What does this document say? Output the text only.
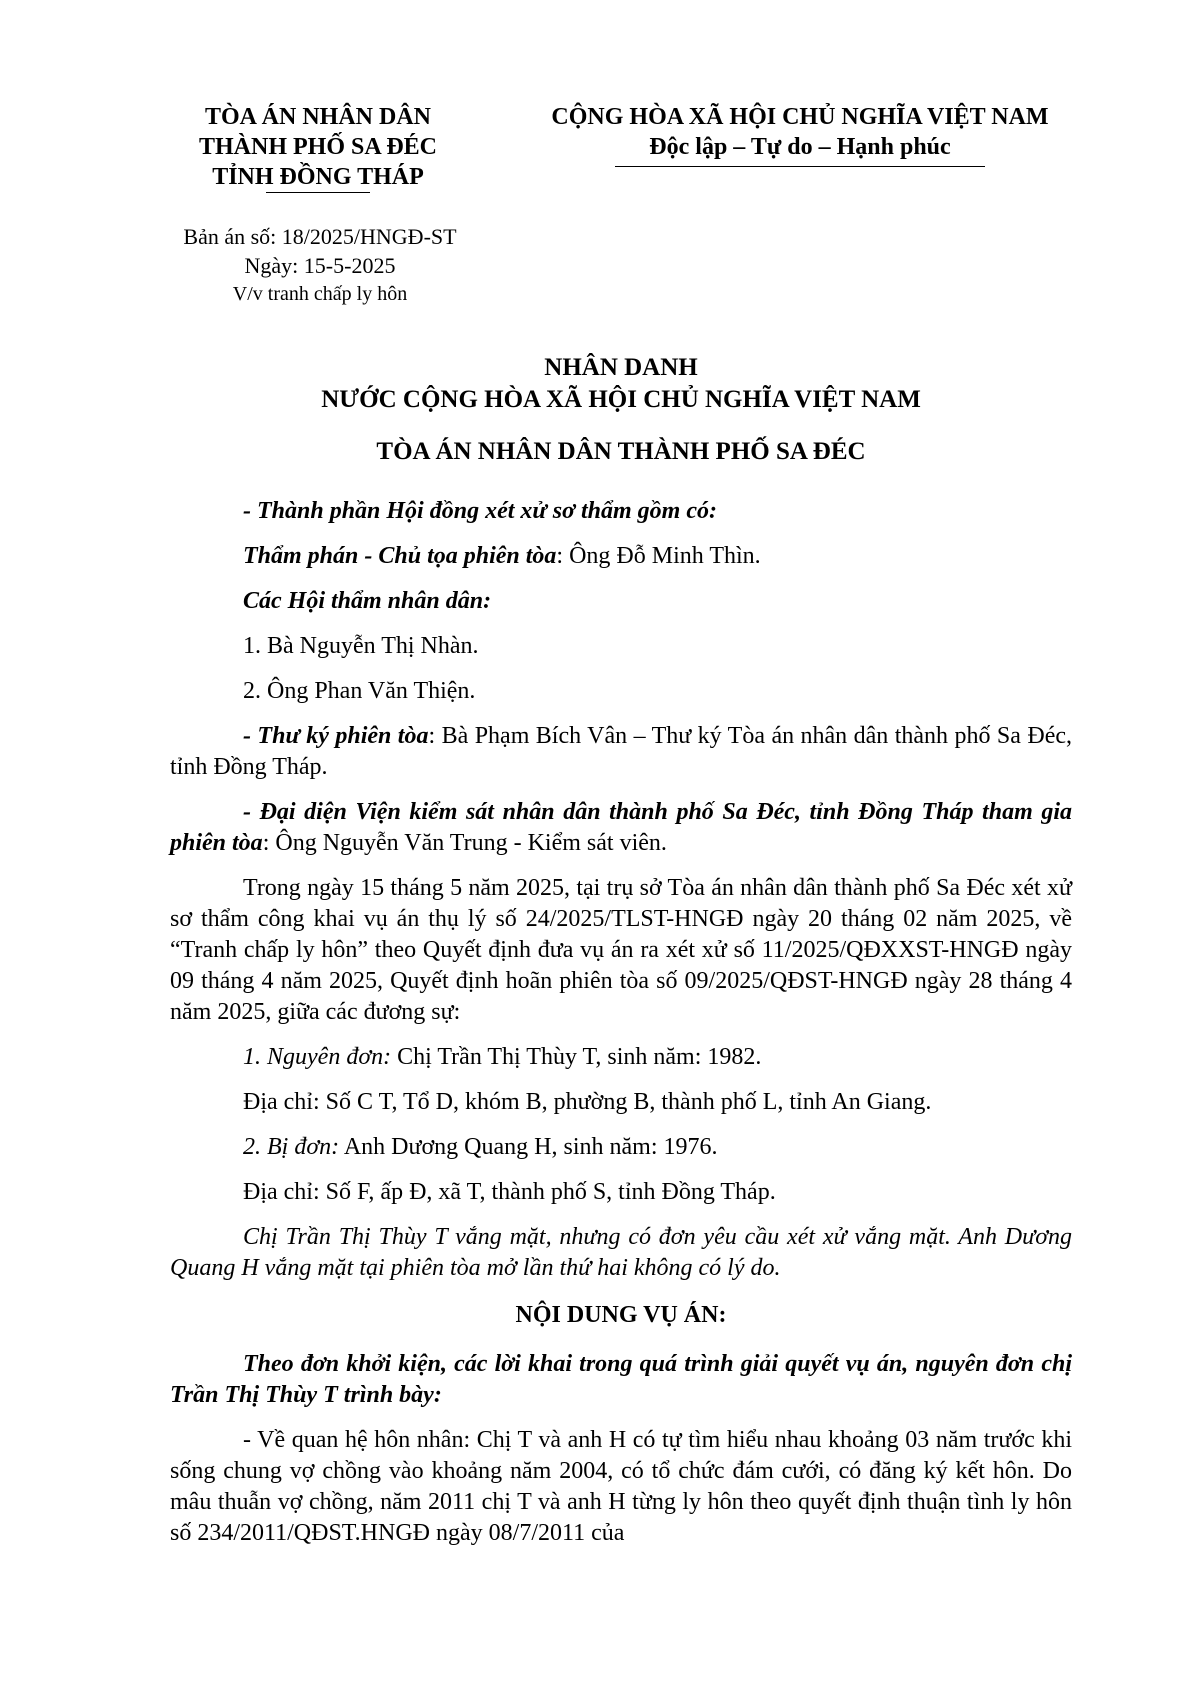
TÒA ÁN NHÂN DÂN
THÀNH PHỐ SA ĐÉC
TỈNH ĐỒNG THÁP
CỘNG HÒA XÃ HỘI CHỦ NGHĨA VIỆT NAM
Độc lập – Tự do – Hạnh phúc
Bản án số: 18/2025/HNGĐ-ST
Ngày: 15-5-2025
V/v tranh chấp ly hôn
NHÂN DANH
NƯỚC CỘNG HÒA XÃ HỘI CHỦ NGHĨA VIỆT NAM
TÒA ÁN NHÂN DÂN THÀNH PHỐ SA ĐÉC

- Thành phần Hội đồng xét xử sơ thẩm gồm có:

Thẩm phán - Chủ tọa phiên tòa: Ông Đỗ Minh Thìn.

Các Hội thẩm nhân dân:

1. Bà Nguyễn Thị Nhàn.

2. Ông Phan Văn Thiện.

- Thư ký phiên tòa: Bà Phạm Bích Vân – Thư ký Tòa án nhân dân thành phố Sa Đéc, tỉnh Đồng Tháp.

- Đại diện Viện kiểm sát nhân dân thành phố Sa Đéc, tỉnh Đồng Tháp tham gia phiên tòa: Ông Nguyễn Văn Trung - Kiểm sát viên.

Trong ngày 15 tháng 5 năm 2025, tại trụ sở Tòa án nhân dân thành phố Sa Đéc xét xử sơ thẩm công khai vụ án thụ lý số 24/2025/TLST-HNGĐ ngày 20 tháng 02 năm 2025, về “Tranh chấp ly hôn” theo Quyết định đưa vụ án ra xét xử số 11/2025/QĐXXST-HNGĐ ngày 09 tháng 4 năm 2025, Quyết định hoãn phiên tòa số 09/2025/QĐST-HNGĐ ngày 28 tháng 4 năm 2025, giữa các đương sự:

1. Nguyên đơn: Chị Trần Thị Thùy T, sinh năm: 1982.

Địa chỉ: Số C T, Tổ D, khóm B, phường B, thành phố L, tỉnh An Giang.

2. Bị đơn: Anh Dương Quang H, sinh năm: 1976.

Địa chỉ: Số F, ấp Đ, xã T, thành phố S, tỉnh Đồng Tháp.

Chị Trần Thị Thùy T vắng mặt, nhưng có đơn yêu cầu xét xử vắng mặt. Anh Dương Quang H vắng mặt tại phiên tòa mở lần thứ hai không có lý do.

NỘI DUNG VỤ ÁN:

Theo đơn khởi kiện, các lời khai trong quá trình giải quyết vụ án, nguyên đơn chị Trần Thị Thùy T trình bày:

- Về quan hệ hôn nhân: Chị T và anh H có tự tìm hiểu nhau khoảng 03 năm trước khi sống chung vợ chồng vào khoảng năm 2004, có tổ chức đám cưới, có đăng ký kết hôn. Do mâu thuẫn vợ chồng, năm 2011 chị T và anh H từng ly hôn theo quyết định thuận tình ly hôn số 234/2011/QĐST.HNGĐ ngày 08/7/2011 của
